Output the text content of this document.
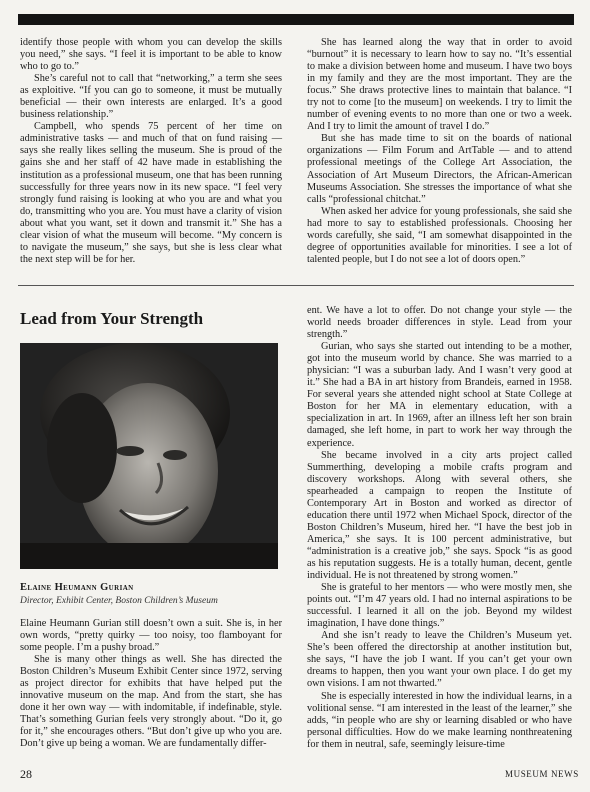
identify those people with whom you can develop the skills you need,” she says. “I feel it is important to be able to know who to go to.”

She’s careful not to call that “networking,” a term she sees as exploitive. “If you can go to someone, it must be mutually beneficial — their own interests are enlarged. It’s a good business relationship.”

Campbell, who spends 75 percent of her time on administrative tasks — and much of that on fund raising — says she really likes selling the museum. She is proud of the gains she and her staff of 42 have made in establishing the institution as a professional museum, one that has been running successfully for three years now in its new space. “I feel very strongly fund raising is looking at who you are and what you do, transmitting who you are. You must have a clarity of vision about what you want, set it down and transmit it.” She has a clear vision of what the museum will become. “My concern is to navigate the museum,” she says, but she is less clear what the next step will be for her.

She has learned along the way that in order to avoid “burnout” it is necessary to learn how to say no. “It’s essential to make a division between home and museum. I have two boys in my family and they are the most important. They are the focus.” She draws protective lines to maintain that balance. “I try not to come [to the museum] on weekends. I try to limit the number of evening events to no more than one or two a week. And I try to limit the amount of travel I do.”

But she has made time to sit on the boards of national organizations — Film Forum and ArtTable — and to attend professional meetings of the College Art Association, the Association of Art Museum Directors, the African-American Museums Association. She stresses the importance of what she calls “professional chitchat.”

When asked her advice for young professionals, she said she had more to say to established professionals. Choosing her words carefully, she said, “I am somewhat disappointed in the degree of opportunities available for minorities. I see a lot of talented people, but I do not see a lot of doors open.”

Lead from Your Strength
Elaine Heumann Gurian
Director, Exhibit Center, Boston Children’s Museum

Elaine Heumann Gurian still doesn’t own a suit. She is, in her own words, “pretty quirky — too noisy, too flamboyant for some people. I’m a pushy broad.”

She is many other things as well. She has directed the Boston Children’s Museum Exhibit Center since 1972, serving as project director for exhibits that have helped put the innovative museum on the map. And from the start, she has done it her own way — with indomitable, if indefinable, style. That’s something Gurian feels very strongly about. “Do it, go for it,” she encourages others. “But don’t give up who you are. Don’t give up being a woman. We are fundamentally differ-

ent. We have a lot to offer. Do not change your style — the world needs broader differences in style. Lead from your strength.”

Gurian, who says she started out intending to be a mother, got into the museum world by chance. She was married to a physician: “I was a suburban lady. And I wasn’t very good at it.” She had a BA in art history from Brandeis, earned in 1958. For several years she attended night school at State College at Boston for her MA in elementary education, with a specialization in art. In 1969, after an illness left her son brain damaged, she left home, in part to work her way through the experience.

She became involved in a city arts project called Summerthing, developing a mobile crafts program and discovery workshops. Along with several others, she spearheaded a campaign to reopen the Institute of Contemporary Art in Boston and worked as director of education there until 1972 when Michael Spock, director of the Boston Children’s Museum, hired her. “I have the best job in America,” she says. It is 100 percent administrative, but “administration is a creative job,” she says. Spock “is as good as his reputation suggests. He is a totally human, decent, gentle individual. He is not threatened by strong women.”

She is grateful to her mentors — who were mostly men, she points out. “I’m 47 years old. I had no internal aspirations to be successful. I learned it all on the job. Beyond my wildest imagination, I have done things.”

And she isn’t ready to leave the Children’s Museum yet. She’s been offered the directorship at another institution but, she says, “I have the job I want. If you can’t get your own dreams to happen, then you want your own place. I do get my own visions. I am not thwarted.”

She is especially interested in how the individual learns, in a volitional sense. “I am interested in the least of the learner,” she adds, “in people who are shy or learning disabled or who have personal difficulties. How do we make learning nonthreatening for them in neutral, safe, seemingly leisure-time

28	MUSEUM NEWS
